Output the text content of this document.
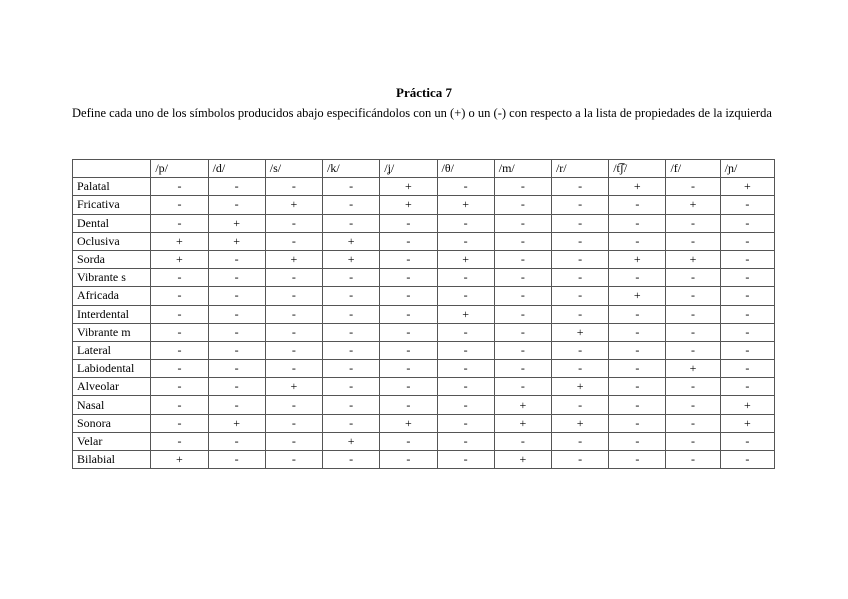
Práctica 7
Define cada uno de los símbolos producidos abajo especificándolos con un (+) o un (-) con respecto a la lista de propiedades de la izquierda
	/p/	/d/	/s/	/k/	/ʝ/	/θ/	/m/	/r/	/t͡ʃ/	/f/	/ɲ/
Palatal	-	-	-	-	+	-	-	-	+	-	+
Fricativa	-	-	+	-	+	+	-	-	-	+	-
Dental	-	+	-	-	-	-	-	-	-	-	-
Oclusiva	+	+	-	+	-	-	-	-	-	-	-
Sorda	+	-	+	+	-	+	-	-	+	+	-
Vibrante s	-	-	-	-	-	-	-	-	-	-	-
Africada	-	-	-	-	-	-	-	-	+	-	-
Interdental	-	-	-	-	-	+	-	-	-	-	-
Vibrante m	-	-	-	-	-	-	-	+	-	-	-
Lateral	-	-	-	-	-	-	-	-	-	-	-
Labiodental	-	-	-	-	-	-	-	-	-	+	-
Alveolar	-	-	+	-	-	-	-	+	-	-	-
Nasal	-	-	-	-	-	-	+	-	-	-	+
Sonora	-	+	-	-	+	-	+	+	-	-	+
Velar	-	-	-	+	-	-	-	-	-	-	-
Bilabial	+	-	-	-	-	-	+	-	-	-	-
